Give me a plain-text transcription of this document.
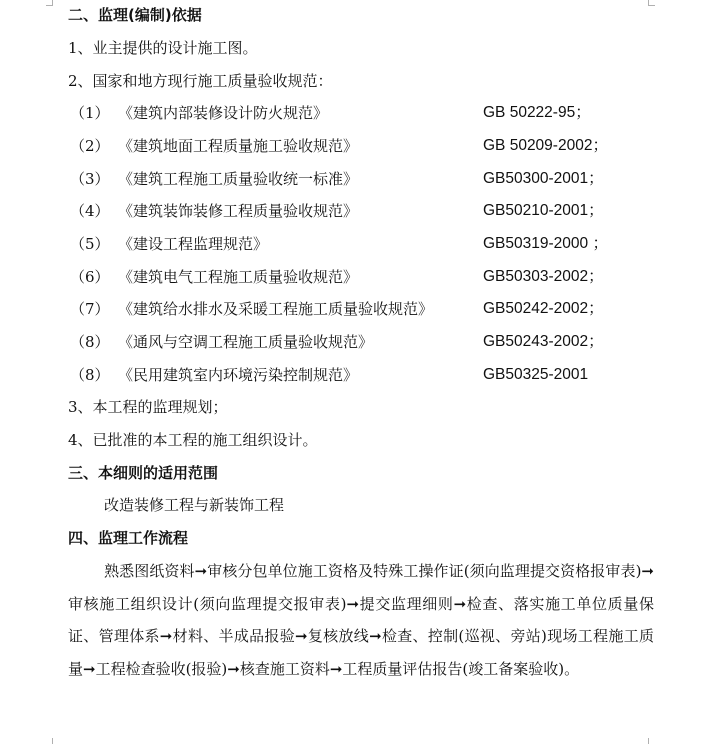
二、监理(编制)依据
1、业主提供的设计施工图。
2、国家和地方现行施工质量验收规范：
（1） 《建筑内部装修设计防火规范》	GB 50222-95；
（2） 《建筑地面工程质量施工验收规范》	GB 50209-2002；
（3） 《建筑工程施工质量验收统一标准》	GB50300-2001；
（4） 《建筑装饰装修工程质量验收规范》	GB50210-2001；
（5） 《建设工程监理规范》	GB50319-2000 ；
（6） 《建筑电气工程施工质量验收规范》	GB50303-2002；
（7） 《建筑给水排水及采暖工程施工质量验收规范》	GB50242-2002；
（8） 《通风与空调工程施工质量验收规范》	GB50243-2002；
（8） 《民用建筑室内环境污染控制规范》	GB50325-2001
3、本工程的监理规划；
4、已批准的本工程的施工组织设计。
三、本细则的适用范围
改造装修工程与新装饰工程
四、监理工作流程
熟悉图纸资料➞审核分包单位施工资格及特殊工操作证(须向监理提交资格报审表)➞审核施工组织设计(须向监理提交报审表)➞提交监理细则➞检查、落实施工单位质量保证、管理体系➞材料、半成品报验➞复核放线➞检查、控制(巡视、旁站)现场工程施工质量➞工程检查验收(报验)➞核查施工资料➞工程质量评估报告(竣工备案验收)。
